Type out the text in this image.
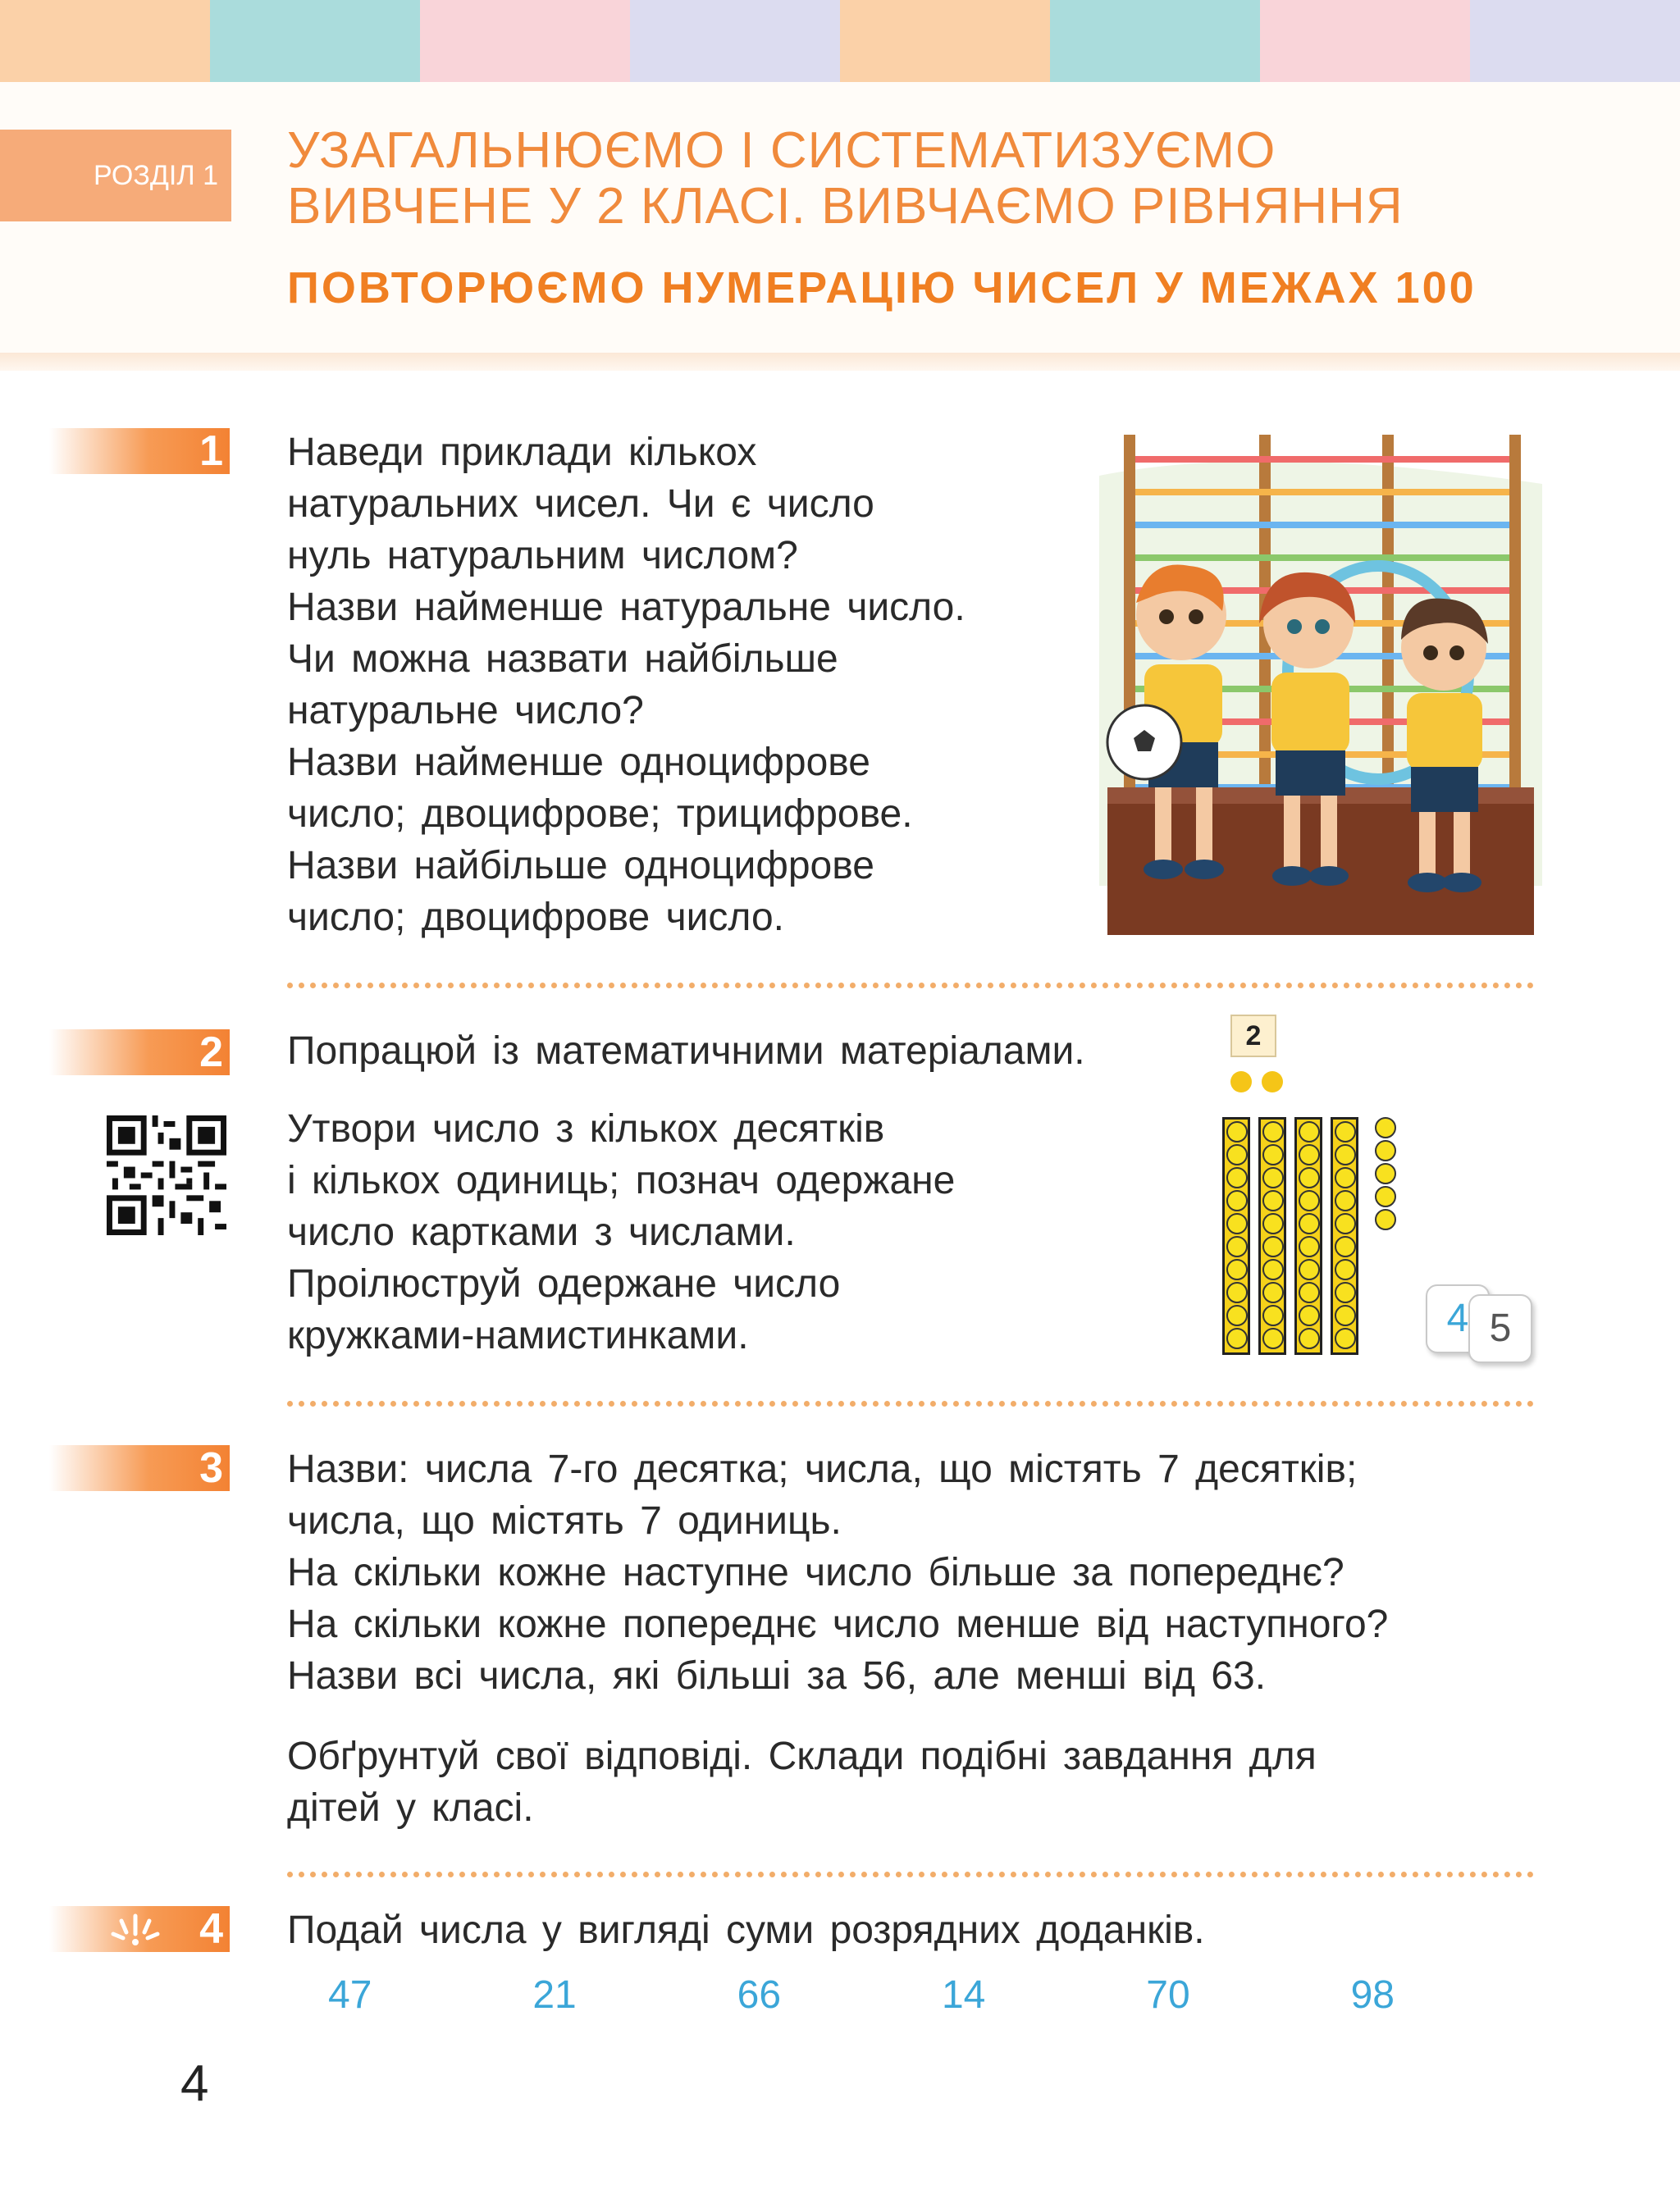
РОЗДІЛ 1 УЗАГАЛЬНЮЄМО І СИСТЕМАТИЗУЄМО
ВИВЧЕНЕ У 2 КЛАСІ. ВИВЧАЄМО РІВНЯННЯ
ПОВТОРЮЄМО НУМЕРАЦІЮ ЧИСЕЛ У МЕЖАХ 100
1 Наведи приклади кількох

натуральних чисел. Чи є число

нуль натуральним числом?

Назви найменше натуральне число.

Чи можна назвати найбільше

натуральне число?

Назви найменше одноцифрове

число; двоцифрове; трицифрове.

Назви найбільше одноцифрове

число; двоцифрове число.

2 Попрацюй із математичними матеріалами.

Утвори число з кількох десятків

і кількох одиниць; познач одержане

число картками з числами.

Проілюструй одержане число

кружками-намистинками.

2
4 5
3 Назви: числа 7-го десятка; числа, що містять 7 десятків;

числа, що містять 7 одиниць.

На скільки кожне наступне число більше за попереднє?

На скільки кожне попереднє число менше від наступного?

Назви всі числа, які більші за 56, але менші від 63.

Обґрунтуй свої відповіді. Склади подібні завдання для

дітей у класі.

4 Подай числа у вигляді суми розрядних доданків.
47	21	66	14	70	98
4
